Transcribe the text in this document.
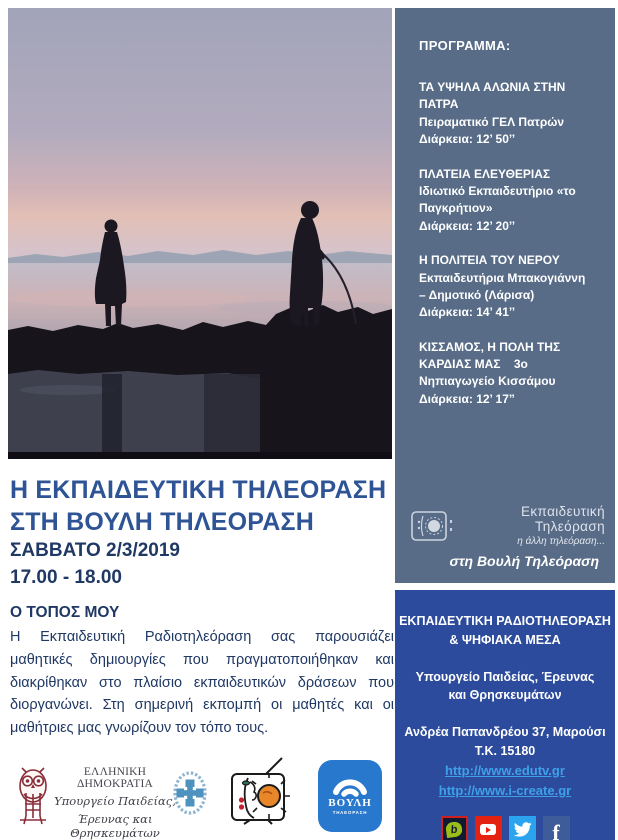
ΠΡΟΓΡΑΜΜΑ:
ΤΑ ΥΨΗΛΑ ΑΛΩΝΙΑ ΣΤΗΝ ΠΑΤΡΑ
Πειραματικό ΓΕΛ Πατρών
Διάρκεια: 12’ 50’’
ΠΛΑΤΕΙΑ ΕΛΕΥΘΕΡΙΑΣ
Ιδιωτικό Εκπαιδευτήριο «το Παγκρήτιον»
Διάρκεια: 12’ 20’’
Η ΠΟΛΙΤΕΙΑ ΤΟΥ ΝΕΡΟΥ
Εκπαιδευτήρια Μπακογιάννη – Δημοτικό (Λάρισα)
Διάρκεια: 14’ 41’’
ΚΙΣΣΑΜΟΣ, Η ΠΟΛΗ ΤΗΣ ΚΑΡΔΙΑΣ ΜΑΣ 3ο Νηπιαγωγείο Κισσάμου
Διάρκεια: 12’ 17”
Εκπαιδευτική Τηλεόραση
η άλλη τηλεόραση...
στη Βουλή Τηλεόραση
Η ΕΚΠΑΙΔΕΥΤΙΚΗ ΤΗΛΕΟΡΑΣΗ
ΣΤΗ ΒΟΥΛΗ ΤΗΛΕΟΡΑΣΗ
ΣΑΒΒΑΤΟ 2/3/2019
17.00 - 18.00
Ο ΤΟΠΟΣ ΜΟΥ
Η Εκπαιδευτική Ραδιοτηλεόραση σας παρουσιάζει μαθητικές δημιουργίες που πραγματοποιήθηκαν και διακρίθηκαν στο πλαίσιο εκπαιδευτικών δράσεων που διοργανώνει. Στη σημερινή εκπομπή οι μαθητές και οι μαθήτριες μας γνωρίζουν τον τόπο τους.
ΕΛΛΗΝΙΚΗ ΔΗΜΟΚΡΑΤΙΑ
Υπουργείο Παιδείας,
Έρευνας και Θρησκευμάτων
ΒΟΥΛΗ
ΤΗΛΕΟΡΑΣΗ
ΕΚΠΑΙΔΕΥΤΙΚΗ ΡΑΔΙΟΤΗΛΕΟΡΑΣΗ
& ΨΗΦΙΑΚΑ ΜΕΣΑ
Υπουργείο Παιδείας, Έρευνας
και Θρησκευμάτων
Ανδρέα Παπανδρέου 37, Μαρούσι
Τ.Κ. 15180
http://www.edutv.gr
http://www.i-create.gr
b	f
